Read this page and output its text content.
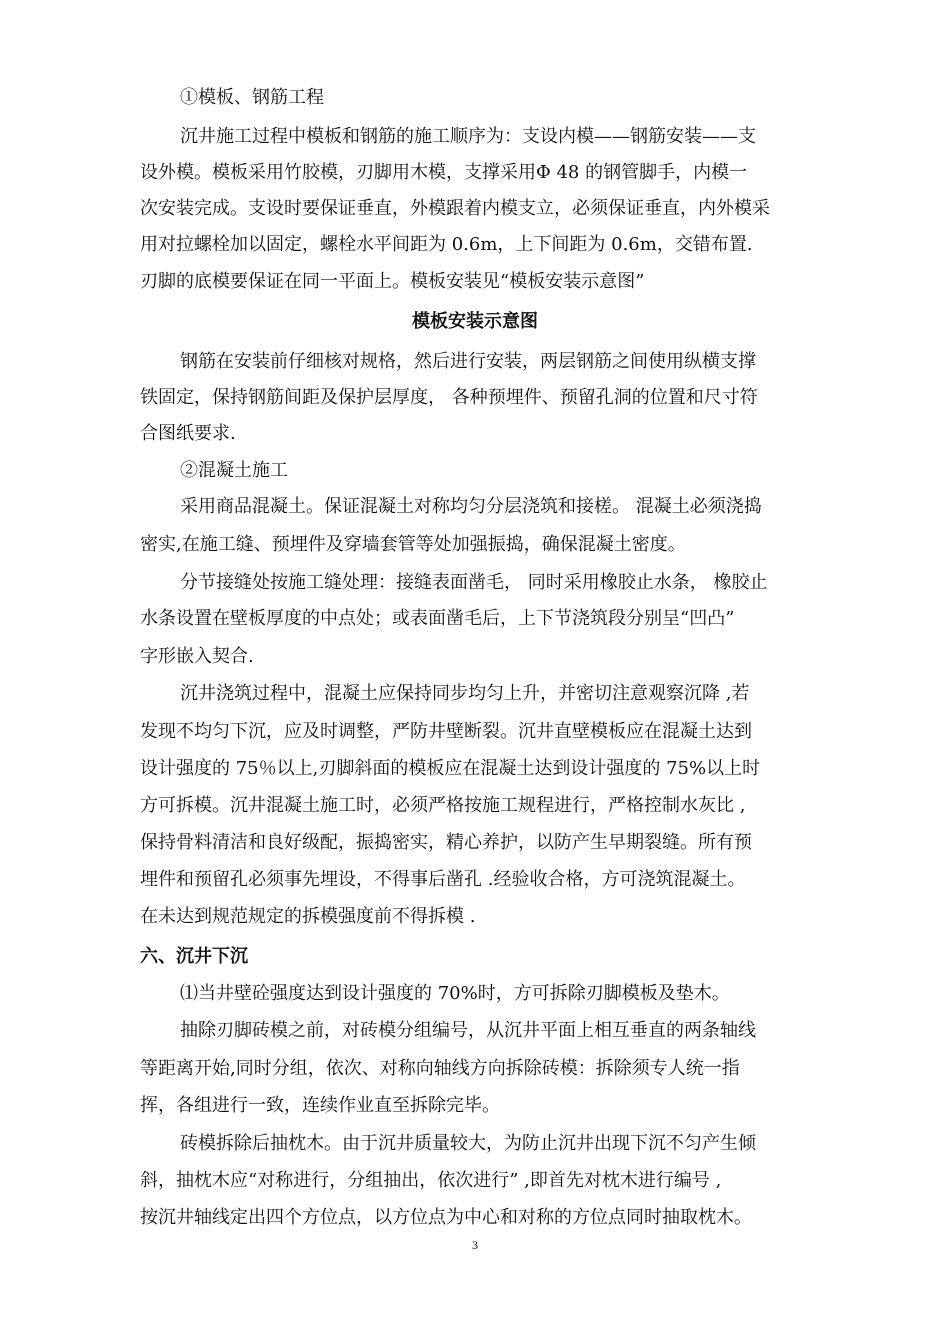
①模板、钢筋工程
沉井施工过程中模板和钢筋的施工顺序为：支设内模——钢筋安装——支
设外模。模板采用竹胶模，刃脚用木模，支撑采用Φ 48 的钢管脚手，内模一
次安装完成。支设时要保证垂直，外模跟着内模支立，必须保证垂直，内外模采
用对拉螺栓加以固定，螺栓水平间距为 0.6m，上下间距为 0.6m，交错布置.
刃脚的底模要保证在同一平面上。模板安装见“模板安装示意图”
模板安装示意图
钢筋在安装前仔细核对规格，然后进行安装，两层钢筋之间使用纵横支撑
铁固定，保持钢筋间距及保护层厚度， 各种预埋件、预留孔洞的位置和尺寸符
合图纸要求.
②混凝土施工
采用商品混凝土。保证混凝土对称均匀分层浇筑和接槎。 混凝土必须浇捣
密实,在施工缝、预埋件及穿墙套管等处加强振捣，确保混凝土密度。
分节接缝处按施工缝处理：接缝表面凿毛， 同时采用橡胶止水条， 橡胶止
水条设置在壁板厚度的中点处；或表面凿毛后，上下节浇筑段分别呈“凹凸”
字形嵌入契合.
沉井浇筑过程中，混凝土应保持同步均匀上升，并密切注意观察沉降 ,若
发现不均匀下沉，应及时调整，严防井壁断裂。沉井直壁模板应在混凝土达到
设计强度的 75％以上,刃脚斜面的模板应在混凝土达到设计强度的 75%以上时
方可拆模。沉井混凝土施工时，必须严格按施工规程进行，严格控制水灰比 ,
保持骨料清洁和良好级配，振捣密实，精心养护，以防产生早期裂缝。所有预
埋件和预留孔必须事先埋设，不得事后凿孔 .经验收合格，方可浇筑混凝土。
在未达到规范规定的拆模强度前不得拆模 .
六、沉井下沉
⑴当井壁砼强度达到设计强度的 70%时，方可拆除刃脚模板及垫木。
抽除刃脚砖模之前，对砖模分组编号，从沉井平面上相互垂直的两条轴线
等距离开始,同时分组，依次、对称向轴线方向拆除砖模：拆除须专人统一指
挥，各组进行一致，连续作业直至拆除完毕。
砖模拆除后抽枕木。由于沉井质量较大，为防止沉井出现下沉不匀产生倾
斜，抽枕木应“对称进行，分组抽出，依次进行” ,即首先对枕木进行编号 ,
按沉井轴线定出四个方位点，以方位点为中心和对称的方位点同时抽取枕木。
3
